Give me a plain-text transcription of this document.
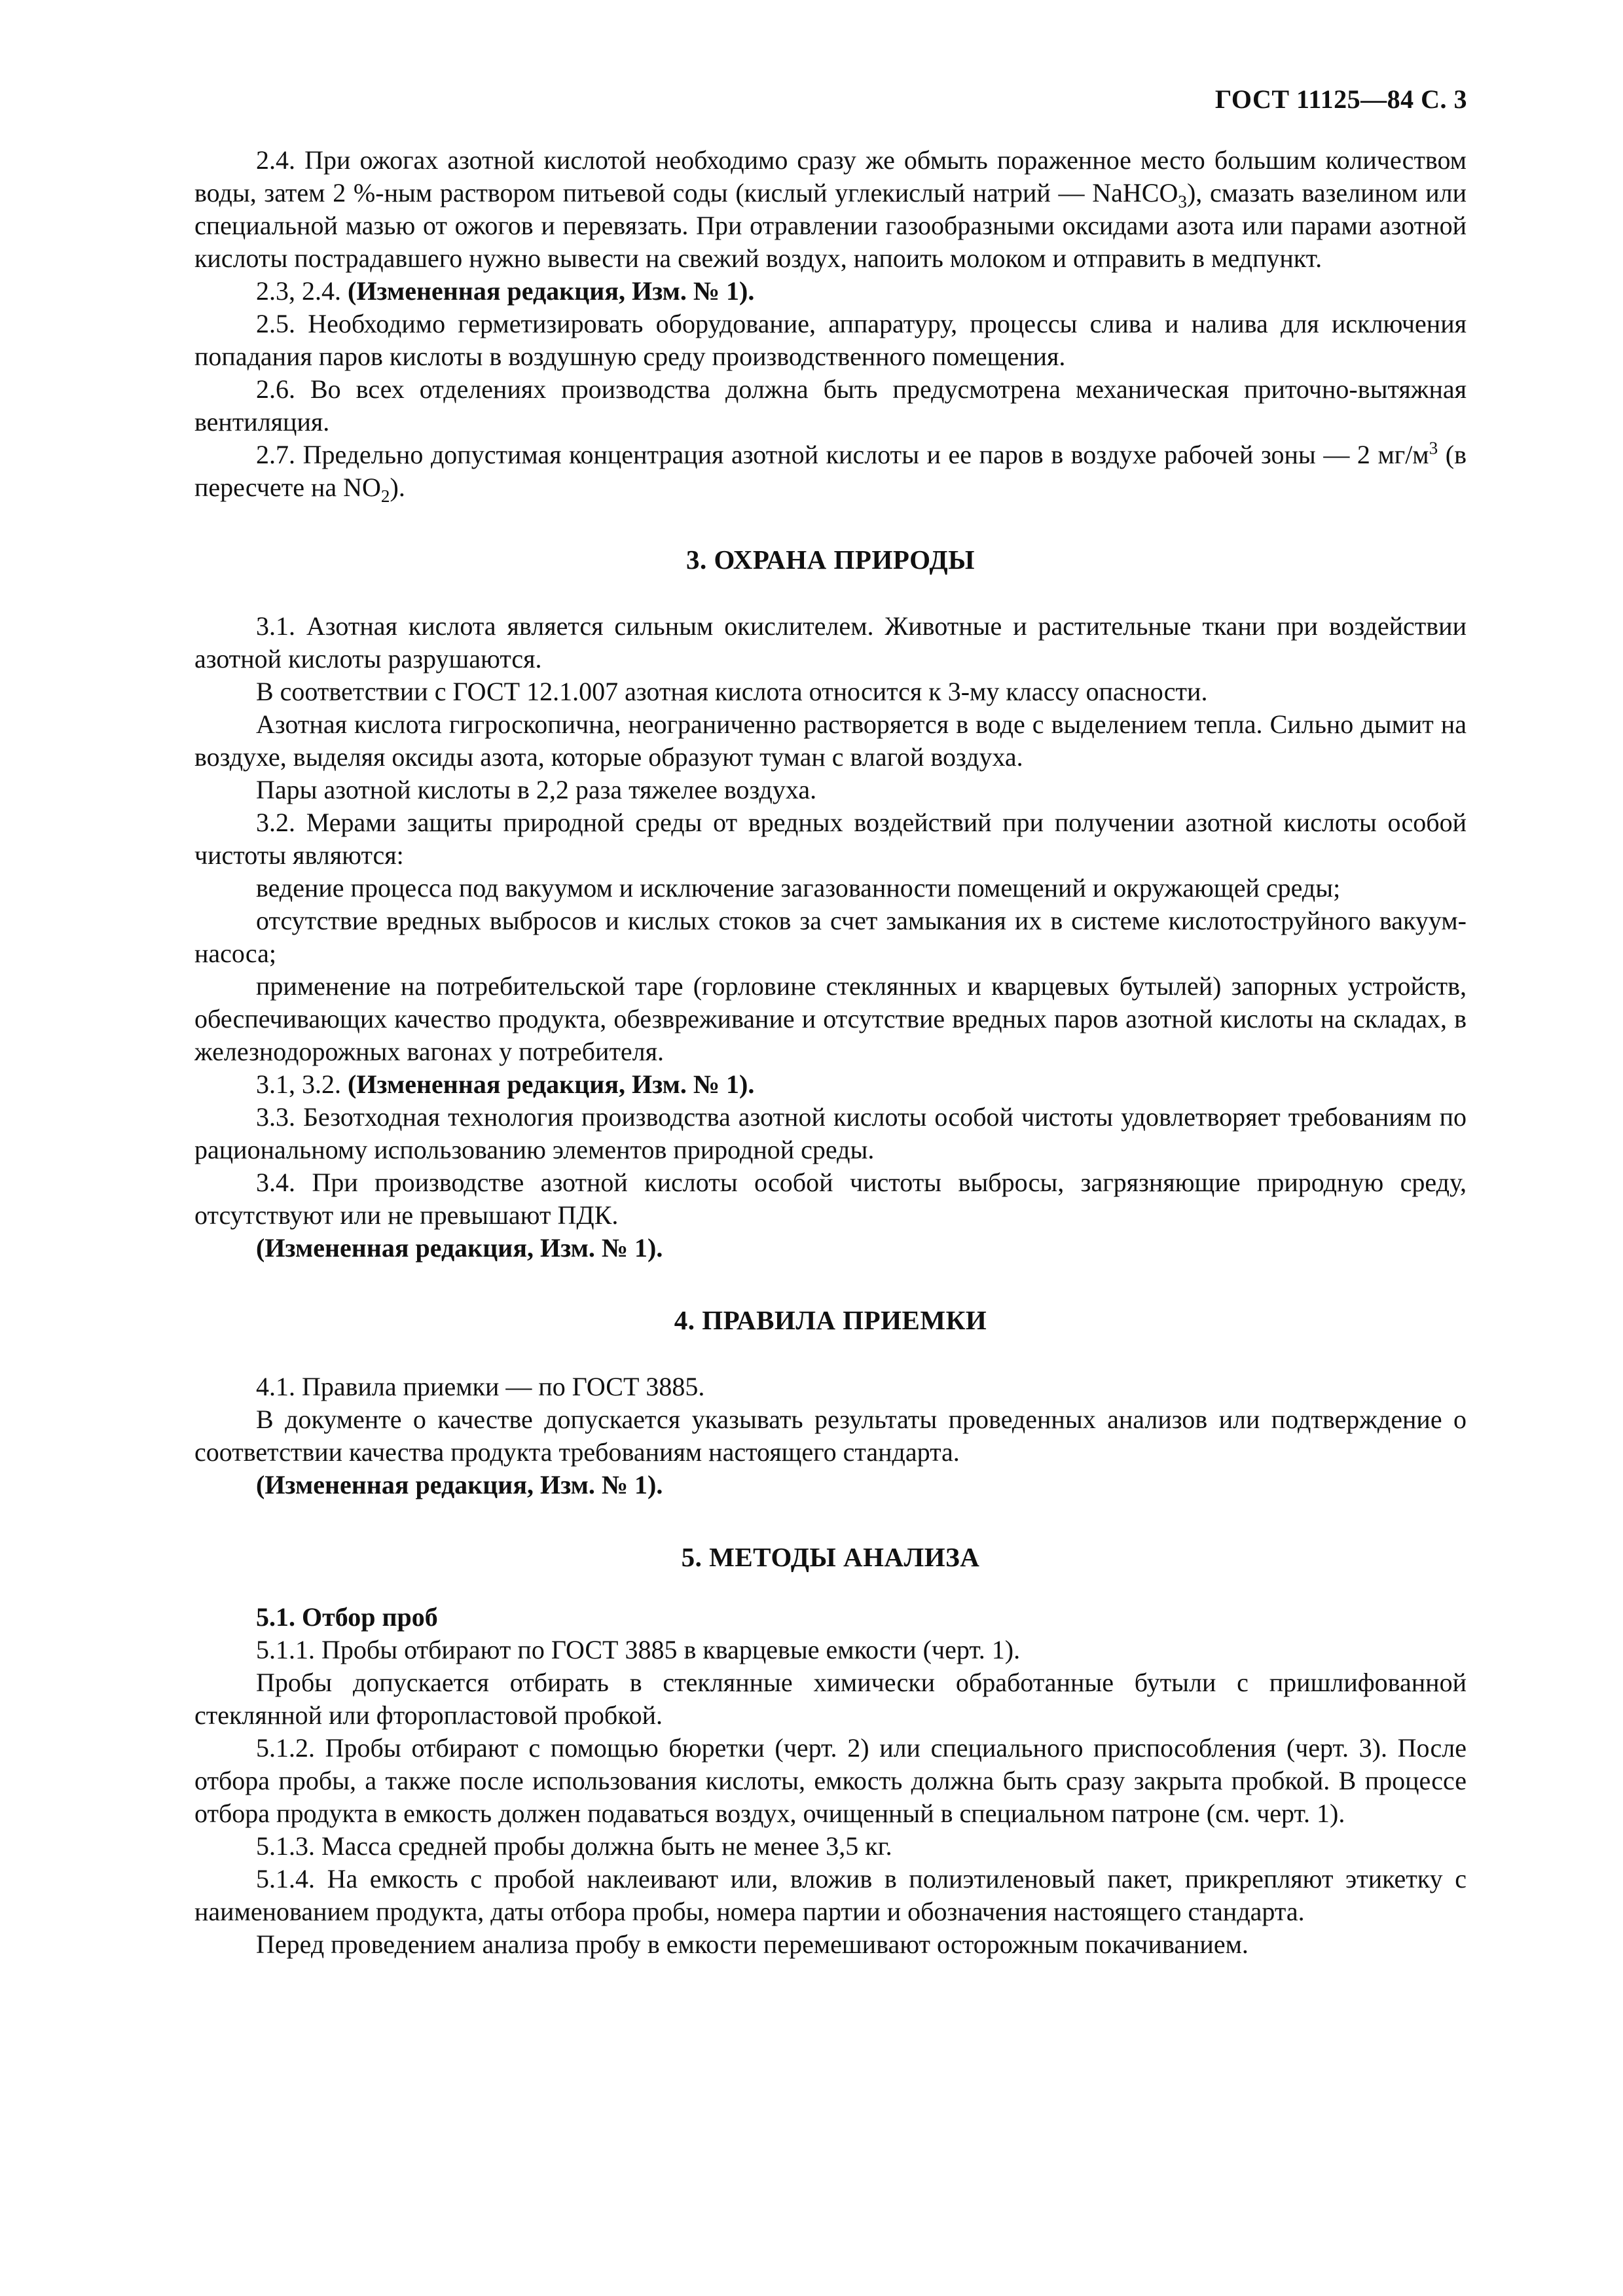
ГОСТ 11125—84 С. 3

2.4. При ожогах азотной кислотой необходимо сразу же обмыть пораженное место большим количеством воды, затем 2 %-ным раствором питьевой соды (кислый углекислый натрий — NaHCO$_3$), смазать вазелином или специальной мазью от ожогов и перевязать. При отравлении газообразными оксидами азота или парами азотной кислоты пострадавшего нужно вывести на свежий воздух, напоить молоком и отправить в медпункт.

2.3, 2.4. (Измененная редакция, Изм. № 1).

2.5. Необходимо герметизировать оборудование, аппаратуру, процессы слива и налива для исключения попадания паров кислоты в воздушную среду производственного помещения.

2.6. Во всех отделениях производства должна быть предусмотрена механическая приточно-вытяжная вентиляция.

2.7. Предельно допустимая концентрация азотной кислоты и ее паров в воздухе рабочей зоны — 2 $мг/м^3$ (в пересчете на $NO_2$).

3. ОХРАНА ПРИРОДЫ

3.1. Азотная кислота является сильным окислителем. Животные и растительные ткани при воздействии азотной кислоты разрушаются.

В соответствии с ГОСТ 12.1.007 азотная кислота относится к 3-му классу опасности.

Азотная кислота гигроскопична, неограниченно растворяется в воде с выделением тепла. Сильно дымит на воздухе, выделяя оксиды азота, которые образуют туман с влагой воздуха.

Пары азотной кислоты в 2,2 раза тяжелее воздуха.

3.2. Мерами защиты природной среды от вредных воздействий при получении азотной кислоты особой чистоты являются:

ведение процесса под вакуумом и исключение загазованности помещений и окружающей среды;

отсутствие вредных выбросов и кислых стоков за счет замыкания их в системе кислотоструйного вакуум-насоса;

применение на потребительской таре (горловине стеклянных и кварцевых бутылей) запорных устройств, обеспечивающих качество продукта, обезвреживание и отсутствие вредных паров азотной кислоты на складах, в железнодорожных вагонах у потребителя.

3.1, 3.2. (Измененная редакция, Изм. № 1).

3.3. Безотходная технология производства азотной кислоты особой чистоты удовлетворяет требованиям по рациональному использованию элементов природной среды.

3.4. При производстве азотной кислоты особой чистоты выбросы, загрязняющие природную среду, отсутствуют или не превышают ПДК.

(Измененная редакция, Изм. № 1).

4. ПРАВИЛА ПРИЕМКИ

4.1. Правила приемки — по ГОСТ 3885.

В документе о качестве допускается указывать результаты проведенных анализов или подтверждение о соответствии качества продукта требованиям настоящего стандарта.

(Измененная редакция, Изм. № 1).

5. МЕТОДЫ АНАЛИЗА
5.1. Отбор проб

5.1.1. Пробы отбирают по ГОСТ 3885 в кварцевые емкости (черт. 1).

Пробы допускается отбирать в стеклянные химически обработанные бутыли с пришлифованной стеклянной или фторопластовой пробкой.

5.1.2. Пробы отбирают с помощью бюретки (черт. 2) или специального приспособления (черт. 3). После отбора пробы, а также после использования кислоты, емкость должна быть сразу закрыта пробкой. В процессе отбора продукта в емкость должен подаваться воздух, очищенный в специальном патроне (см. черт. 1).

5.1.3. Масса средней пробы должна быть не менее 3,5 кг.

5.1.4. На емкость с пробой наклеивают или, вложив в полиэтиленовый пакет, прикрепляют этикетку с наименованием продукта, даты отбора пробы, номера партии и обозначения настоящего стандарта.

Перед проведением анализа пробу в емкости перемешивают осторожным покачиванием.
